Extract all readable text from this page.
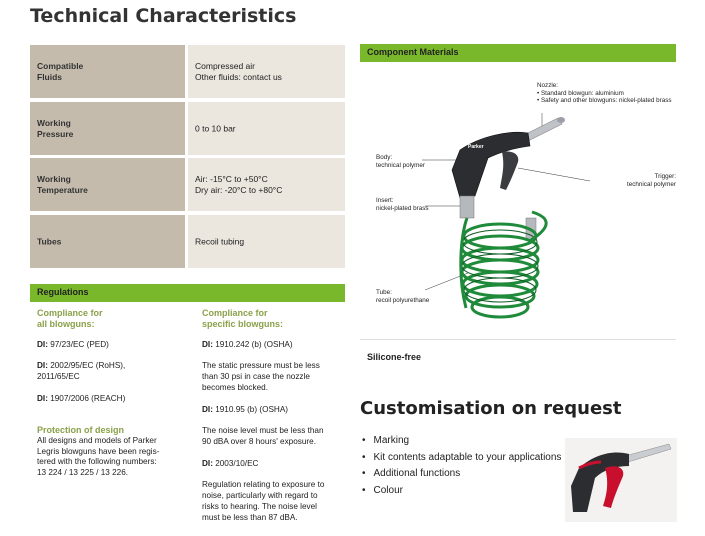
Technical Characteristics
Compatible
Fluids
Compressed air
Other fluids: contact us
Working
Pressure
0 to 10 bar
Working
Temperature
Air: -15°C to +50°C
Dry air: -20°C to +80°C
Tubes	Recoil tubing
Regulations
Compliance for
all blowguns:

DI: 97/23/EC (PED)

DI: 2002/95/EC (RoHS),
2011/65/EC

DI: 1907/2006 (REACH)

Protection of design
All designs and models of Parker
Legris blowguns have been regis-
tered with the following numbers:
13 224 / 13 225 / 13 226.
Compliance for
specific blowguns:

DI: 1910.242 (b) (OSHA)

The static pressure must be less
than 30 psi in case the nozzle
becomes blocked.

DI: 1910.95 (b) (OSHA)

The noise level must be less than
90 dBA over 8 hours' exposure.

DI: 2003/10/EC

Regulation relating to exposure to
noise, particularly with regard to
risks to hearing. The noise level
must be less than 87 dBA.

Component Materials
Nozzle:
• Standard blowgun: aluminium
• Safety and other blowguns: nickel-plated brass
Body:
technical polymer
Trigger:
technical polymer
Insert:
nickel-plated brass
Tube:
recoil polyurethane
Parker
Silicone-free
Customisation on request
• Marking
• Kit contents adaptable to your applications
• Additional functions
• Colour
